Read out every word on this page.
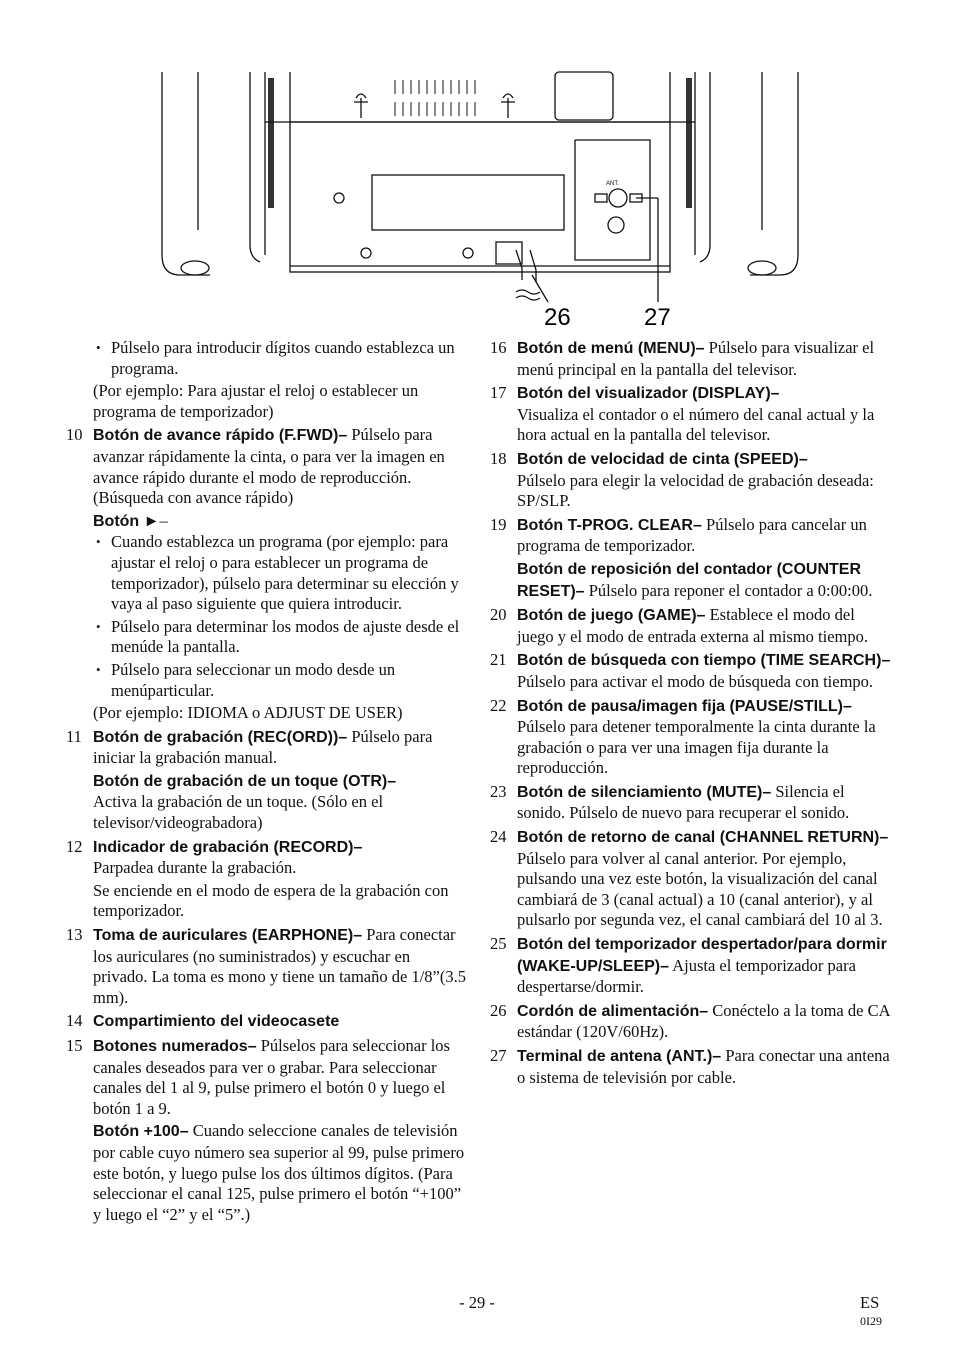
ANT.
26	27
• Púlselo para introducir dígitos cuando establezca un programa.
(Por ejemplo: Para ajustar el reloj o establecer un programa de temporizador)
10 Botón de avance rápido (F.FWD)– Púlselo para avanzar rápidamente la cinta, o para ver la imagen en avance rápido durante el modo de reproducción. (Búsqueda con avance rápido)
Botón ►–
• Cuando establezca un programa (por ejemplo: para ajustar el reloj o para establecer un programa de temporizador), púlselo para determinar su elección y vaya al paso siguiente que quiera introducir.
• Púlselo para determinar los modos de ajuste desde el menúde la pantalla.
• Púlselo para seleccionar un modo desde un menúparticular.
(Por ejemplo: IDIOMA o ADJUST DE USER)
11 Botón de grabación (REC(ORD))– Púlselo para iniciar la grabación manual.
Botón de grabación de un toque (OTR)–
Activa la grabación de un toque. (Sólo en el televisor/videograbadora)
12 Indicador de grabación (RECORD)–
Parpadea durante la grabación.
Se enciende en el modo de espera de la grabación con temporizador.
13 Toma de auriculares (EARPHONE)– Para conectar los auriculares (no suministrados) y escuchar en privado. La toma es mono y tiene un tamaño de 1/8”(3.5 mm).
14 Compartimiento del videocasete
15 Botones numerados– Púlselos para seleccionar los canales deseados para ver o grabar. Para seleccionar canales del 1 al 9, pulse primero el botón 0 y luego el botón 1 a 9.
Botón +100– Cuando seleccione canales de televisión por cable cuyo número sea superior al 99, pulse primero este botón, y luego pulse los dos últimos dígitos. (Para seleccionar el canal 125, pulse primero el botón “+100” y luego el “2” y el “5”.)
16 Botón de menú (MENU)– Púlselo para visualizar el menú principal en la pantalla del televisor.
17 Botón del visualizador (DISPLAY)–
Visualiza el contador o el número del canal actual y la hora actual en la pantalla del televisor.
18 Botón de velocidad de cinta (SPEED)–
Púlselo para elegir la velocidad de grabación deseada: SP/SLP.
19 Botón T-PROG. CLEAR– Púlselo para cancelar un programa de temporizador.
Botón de reposición del contador (COUNTER RESET)– Púlselo para reponer el contador a 0:00:00.
20 Botón de juego (GAME)– Establece el modo del juego y el modo de entrada externa al mismo tiempo.
21 Botón de búsqueda con tiempo (TIME SEARCH)– Púlselo para activar el modo de búsqueda con tiempo.
22 Botón de pausa/imagen fija (PAUSE/STILL)– Púlselo para detener temporalmente la cinta durante la grabación o para ver una imagen fija durante la reproducción.
23 Botón de silenciamiento (MUTE)– Silencia el sonido. Púlselo de nuevo para recuperar el sonido.
24 Botón de retorno de canal (CHANNEL RETURN)– Púlselo para volver al canal anterior. Por ejemplo, pulsando una vez este botón, la visualización del canal cambiará de 3 (canal actual) a 10 (canal anterior), y al pulsarlo por segunda vez, el canal cambiará del 10 al 3.
25 Botón del temporizador despertador/para dormir (WAKE-UP/SLEEP)– Ajusta el temporizador para despertarse/dormir.
26 Cordón de alimentación– Conéctelo a la toma de CA estándar (120V/60Hz).
27 Terminal de antena (ANT.)– Para conectar una antena o sistema de televisión por cable.
- 29 -	ES
0I29
